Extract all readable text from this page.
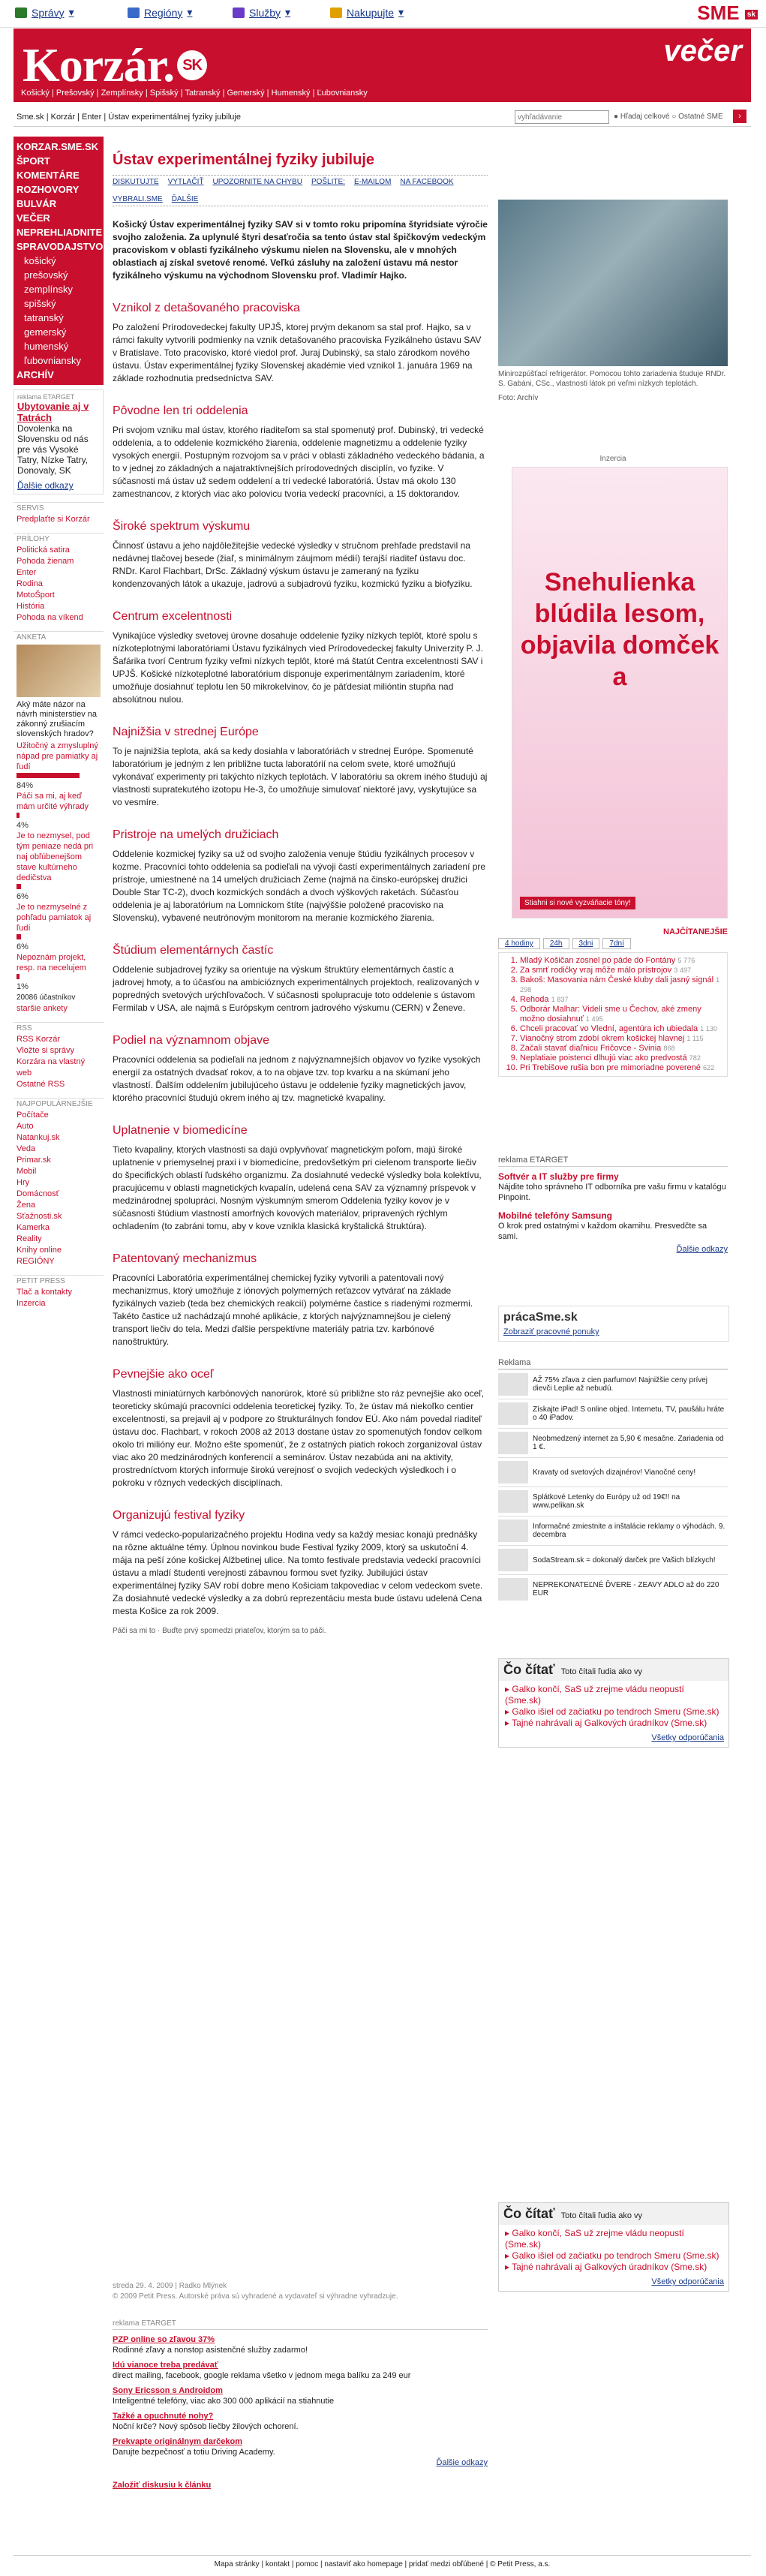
Správy ▾	Regióny ▾	Služby ▾	Nakupujte ▾	SME sk
Korzár. SK
Košický | Prešovský | Zemplínsky | Spišský | Tatranský | Gemerský | Humenský | Ľubovniansky
večer
Sme.sk | Korzár | Enter | Ústav experimentálnej fyziky jubiluje
vyhľadávanie	● Hľadaj celkové ○ Ostatné SME	›
KORZAR.SME.SK
ŠPORT
KOMENTÁRE
ROZHOVORY
BULVÁR
VEČER
NEPREHLIADNITE
SPRAVODAJSTVO
košický
prešovský
zemplínsky
spišský
tatranský
gemerský
humenský
ľubovniansky
ARCHÍV
reklama ETARGET
Ubytovanie aj v Tatrách
Dovolenka na Slovensku od nás pre vás Vysoké Tatry, Nízke Tatry, Donovaly, SK
Ďalšie odkazy
SERVIS
Predplaťte si Korzár
PRÍLOHY
Politická satira
Pohoda žienam
Enter
Rodina
MotoŠport
História
Pohoda na víkend
ANKETA
Aký máte názor na návrh ministerstiev na zákonný zrušiacím slovenských hradov?
Užitočný a zmysluplný nápad pre pamiatky aj ľudí
84%
Páči sa mi, aj keď mám určité výhrady
4%
Je to nezmysel, pod tým peniaze nedá pri naj obľúbenejšom stave kultúrneho dedičstva
6%
Je to nezmyselné z pohľadu pamiatok aj ľudí
6%
Nepoznám projekt, resp. na necelujem
1%
20086 účastníkov
staršie ankety
RSS
RSS Korzár
Vložte si správy Korzára na vlastný web
Ostatné RSS
NAJPOPULÁRNEJŠIE
Počítače
Auto
Natankuj.sk
Veda
Primar.sk
Mobil
Hry
Domácnosť
Žena
Sťažnosti.sk
Kamerka
Reality
Knihy online
REGIÓNY
PETIT PRESS
Tlač a kontakty
Inzercia
Ústav experimentálnej fyziky jubiluje
DISKUTUJTE VYTLAČIŤ UPOZORNITE NA CHYBU POŠLITE: E-MAILOM NA FACEBOOK
VYBRALI.SME ĎALŠIE
Košický Ústav experimentálnej fyziky SAV si v tomto roku pripomína štyridsiate výročie svojho založenia. Za uplynulé štyri desaťročia sa tento ústav stal špičkovým vedeckým pracoviskom v oblasti fyzikálneho výskumu nielen na Slovensku, ale v mnohých oblastiach aj získal svetové renomé. Veľkú zásluhy na založení ústavu má nestor fyzikálneho výskumu na východnom Slovensku prof. Vladimír Hajko.
Vznikol z detašovaného pracoviska

Po založení Prírodovedeckej fakulty UPJŠ, ktorej prvým dekanom sa stal prof. Hajko, sa v rámci fakulty vytvorili podmienky na vznik detašovaného pracoviska Fyzikálneho ústavu SAV v Bratislave. Toto pracovisko, ktoré viedol prof. Juraj Dubinský, sa stalo zárodkom nového ústavu. Ústav experimentálnej fyziky Slovenskej akadémie vied vznikol 1. januára 1969 na základe rozhodnutia predsedníctva SAV.

Pôvodne len tri oddelenia

Pri svojom vzniku mal ústav, ktorého riaditeľom sa stal spomenutý prof. Dubinský, tri vedecké oddelenia, a to oddelenie kozmického žiarenia, oddelenie magnetizmu a oddelenie fyziky vysokých energií. Postupným rozvojom sa v práci v oblasti základného vedeckého bádania, a to v jednej zo základných a najatraktívnejších prírodovedných disciplín, vo fyzike. V súčasnosti má ústav už sedem oddelení a tri vedecké laboratóriá. Ústav má okolo 130 zamestnancov, z ktorých viac ako polovicu tvoria vedeckí pracovníci, a 15 doktorandov.

Široké spektrum výskumu

Činnosť ústavu a jeho najdôležitejšie vedecké výsledky v stručnom prehľade predstavil na nedávnej tlačovej besede (žiaľ, s minimálnym záujmom médií) terajší riaditeľ ústavu doc. RNDr. Karol Flachbart, DrSc. Základný výskum ústavu je zameraný na fyziku kondenzovaných látok a ukazuje, jadrovú a subjadrovú fyziku, kozmickú fyziku a biofyziku.

Centrum excelentnosti

Vynikajúce výsledky svetovej úrovne dosahuje oddelenie fyziky nízkych teplôt, ktoré spolu s nízkoteplotnými laboratóriami Ústavu fyzikálnych vied Prírodovedeckej fakulty Univerzity P. J. Šafárika tvorí Centrum fyziky veľmi nízkych teplôt, ktoré má štatút Centra excelentnosti SAV i UPJŠ. Košické nízkoteplotné laboratórium disponuje experimentálnym zariadením, ktoré umožňuje dosiahnuť teplotu len 50 mikrokelvinov, čo je päťdesiat milióntin stupňa nad absolútnou nulou.

Najnižšia v strednej Európe

To je najnižšia teplota, aká sa kedy dosiahla v laboratóriách v strednej Európe. Spomenuté laboratórium je jedným z len približne tucta laboratórií na celom svete, ktoré umožňujú vykonávať experimenty pri takýchto nízkych teplotách. V laboratóriu sa okrem iného študujú aj vlastnosti supratekutého izotopu He-3, čo umožňuje simulovať niektoré javy, vyskytujúce sa vo vesmíre.

Pristroje na umelých družiciach

Oddelenie kozmickej fyziky sa už od svojho založenia venuje štúdiu fyzikálnych procesov v kozme. Pracovníci tohto oddelenia sa podieľali na vývoji častí experimentálnych zariadení pre prístroje, umiestnené na 14 umelých družiciach Zeme (najmä na činsko-európskej družici Double Star TC-2), dvoch kozmických sondách a dvoch výškových raketách. Súčasťou oddelenia je aj laboratórium na Lomnickom štíte (najvýššie položené pracovisko na Slovensku), vybavené neutrónovým monitorom na meranie kozmického žiarenia.

Štúdium elementárnych častíc

Oddelenie subjadrovej fyziky sa orientuje na výskum štruktúry elementárnych častíc a jadrovej hmoty, a to účasťou na ambicióznych experimentálnych projektoch, realizovaných v popredných svetových urýchľovačoch. V súčasnosti spolupracuje toto oddelenie s ústavom Fermilab v USA, ale najmä s Európskym centrom jadrového výskumu (CERN) v Ženeve.

Podiel na významnom objave

Pracovníci oddelenia sa podieľali na jednom z najvýznamnejších objavov vo fyzike vysokých energií za ostatných dvadsať rokov, a to na objave tzv. top kvarku a na skúmaní jeho vlastností. Ďalším oddelením jubilujúceho ústavu je oddelenie fyziky magnetických javov, ktorého pracovníci študujú okrem iného aj tzv. magnetické kvapaliny.

Uplatnenie v biomedicíne

Tieto kvapaliny, ktorých vlastnosti sa dajú ovplyvňovať magnetickým poľom, majú široké uplatnenie v priemyselnej praxi i v biomedicíne, predovšetkým pri cielenom transporte liečiv do špecifických oblastí ľudského organizmu. Za dosiahnuté vedecké výsledky bola kolektívu, pracujúcemu v oblasti magnetických kvapalín, udelená cena SAV za významný príspevok v medzinárodnej spolupráci. Nosným výskumným smerom Oddelenia fyziky kovov je v súčasnosti štúdium vlastností amorfných kovových materiálov, pripravených rýchlym ochladením (to zabráni tomu, aby v kove vznikla klasická kryštalická štruktúra).

Patentovaný mechanizmus

Pracovníci Laboratória experimentálnej chemickej fyziky vytvorili a patentovali nový mechanizmus, ktorý umožňuje z iónových polymerných reťazcov vytvárať na základe fyzikálnych vazieb (teda bez chemických reakcií) polymérne častice s riadenými rozmermi. Takéto častice už nachádzajú mnohé aplikácie, z ktorých najvýznamnejšou je cielený transport liečiv do tela. Medzi ďalšie perspektívne materiály patria tzv. karbónové nanoštruktúry.

Pevnejšie ako oceľ

Vlastnosti miniatúrnych karbónových nanorúrok, ktoré sú približne sto ráz pevnejšie ako oceľ, teoreticky skúmajú pracovníci oddelenia teoretickej fyziky. To, že ústav má niekoľko centier excelentnosti, sa prejavil aj v podpore zo štrukturálnych fondov EÚ. Ako nám povedal riaditeľ ústavu doc. Flachbart, v rokoch 2008 až 2013 dostane ústav zo spomenutých fondov celkom okolo tri milióny eur. Možno ešte spomenúť, že z ostatných piatich rokoch zorganizoval ústav viac ako 20 medzinárodných konferencií a seminárov. Ústav nezabúda ani na aktivity, prostredníctvom ktorých informuje širokú verejnosť o svojich vedeckých výsledkoch i o pokroku v rôznych vedeckých disciplínach.

Organizujú festival fyziky

V rámci vedecko-popularizačného projektu Hodina vedy sa každý mesiac konajú prednášky na rôzne aktuálne témy. Úplnou novinkou bude Festival fyziky 2009, ktorý sa uskutoční 4. mája na peší zóne košickej Alžbetinej ulice. Na tomto festivale predstavia vedeckí pracovníci ústavu a mladí študenti verejnosti zábavnou formou svet fyziky. Jubilujúci ústav experimentálnej fyziky SAV robí dobre meno Košiciam takpovediac v celom vedeckom svete. Za dosiahnuté vedecké výsledky a za dobrú reprezentáciu mesta bude ústavu udelená Cena mesta Košice za rok 2009.

Páči sa mi to · Buďte prvý spomedzi priateľov, ktorým sa to páči.
Minirozpúšťací refrigerátor. Pomocou tohto zariadenia študuje RNDr. S. Gabáni, CSc., vlastnosti látok pri veľmi nízkych teplotách.
Foto: Archív
Inzercia
Snehulienka blúdila lesom, objavila domček a
Stiahni si nové vyzváňacie tóny!
NAJČÍTANEJŠIE
4 hodiny	24h	3dni	7dní
1. Mladý Košičan zosnel po páde do Fontány 5 776
2. Za smrť rodičky vraj môže málo prístrojov 3 497
3. Bakoš: Masovania nám České kluby dali jasný signál 1 298
4. Rehoda 1 837
5. Odborár Malhar: Videli sme u Čechov, aké zmeny možno dosiahnuť 1 495
6. Chceli pracovať vo Vlední, agentúra ich ubiedala 1 130
7. Vianočný strom zdobí okrem košickej hlavnej 1 115
8. Začali stavať diaľnicu Fričovce - Svinia 868
9. Neplatiaie poistenci dlhujú viac ako predvostá 782
10. Pri Trebišove rušia bon pre mimoriadne poverené 622
reklama ETARGET
Softvér a IT služby pre firmy
Nájdite toho správneho IT odborníka pre vašu firmu v katalógu Pinpoint.
Mobilné telefóny Samsung
O krok pred ostatnými v každom okamihu. Presvedčte sa sami.
Ďalšie odkazy
prácaSme.sk
Zobraziť pracovné ponuky
Reklama
AŽ 75% zľava z cien parfumov! Najnižšie ceny prívej dievči Leplie až nebudú.
Získajte iPad! S online objed. Internetu, TV, paušálu hráte o 40 iPadov.
Neobmedzený internet za 5,90 € mesačne. Zariadenia od 1 €.
Kravaty od svetových dizajnérov! Vianočné ceny!
Splátkové Letenky do Európy už od 19€!! na www.pelikan.sk
Informačné zmiestnite a inštalácie reklamy o výhodách. 9. decembra
SodaStream.sk = dokonalý darček pre Vašich blízkych!
NEPREKONATEĽNÉ ĎVERE - ZEAVY ADLO až do 220 EUR
Čo čítať Toto čítali ľudia ako vy
▸ Galko končí, SaS už zrejme vládu neopustí (Sme.sk)
▸ Galko išiel od začiatku po tendroch Smeru (Sme.sk)
▸ Tajné nahrávali aj Galkových úradníkov (Sme.sk)
Všetky odporúčania
Čo čítať Toto čítali ľudia ako vy
▸ Galko končí, SaS už zrejme vládu neopustí (Sme.sk)
▸ Galko išiel od začiatku po tendroch Smeru (Sme.sk)
▸ Tajné nahrávali aj Galkových úradníkov (Sme.sk)
Všetky odporúčania
streda 29. 4. 2009 | Radko Mlýnek
© 2009 Petit Press. Autorské práva sú vyhradené a vydavateľ si výhradne vyhradzuje.
reklama ETARGET
PZP online so zľavou 37%
Rodinné zľavy a nonstop asistenčné služby zadarmo!
Idú vianoce treba predávať
direct mailing, facebook, google reklama všetko v jednom mega balíku za 249 eur
Sony Ericsson s Androidom
Inteligentné telefóny, viac ako 300 000 aplikácií na stiahnutie
Tažké a opuchnuté nohy?
Noční krče? Nový spôsob liečby žilových ochorení.
Prekvapte originálnym darčekom
Darujte bezpečnosť a totiu Driving Academy.
Ďalšie odkazy
Založiť diskusiu k článku
Mapa stránky | kontakt | pomoc | nastaviť ako homepage | pridať medzi obľúbené | © Petit Press, a.s.
